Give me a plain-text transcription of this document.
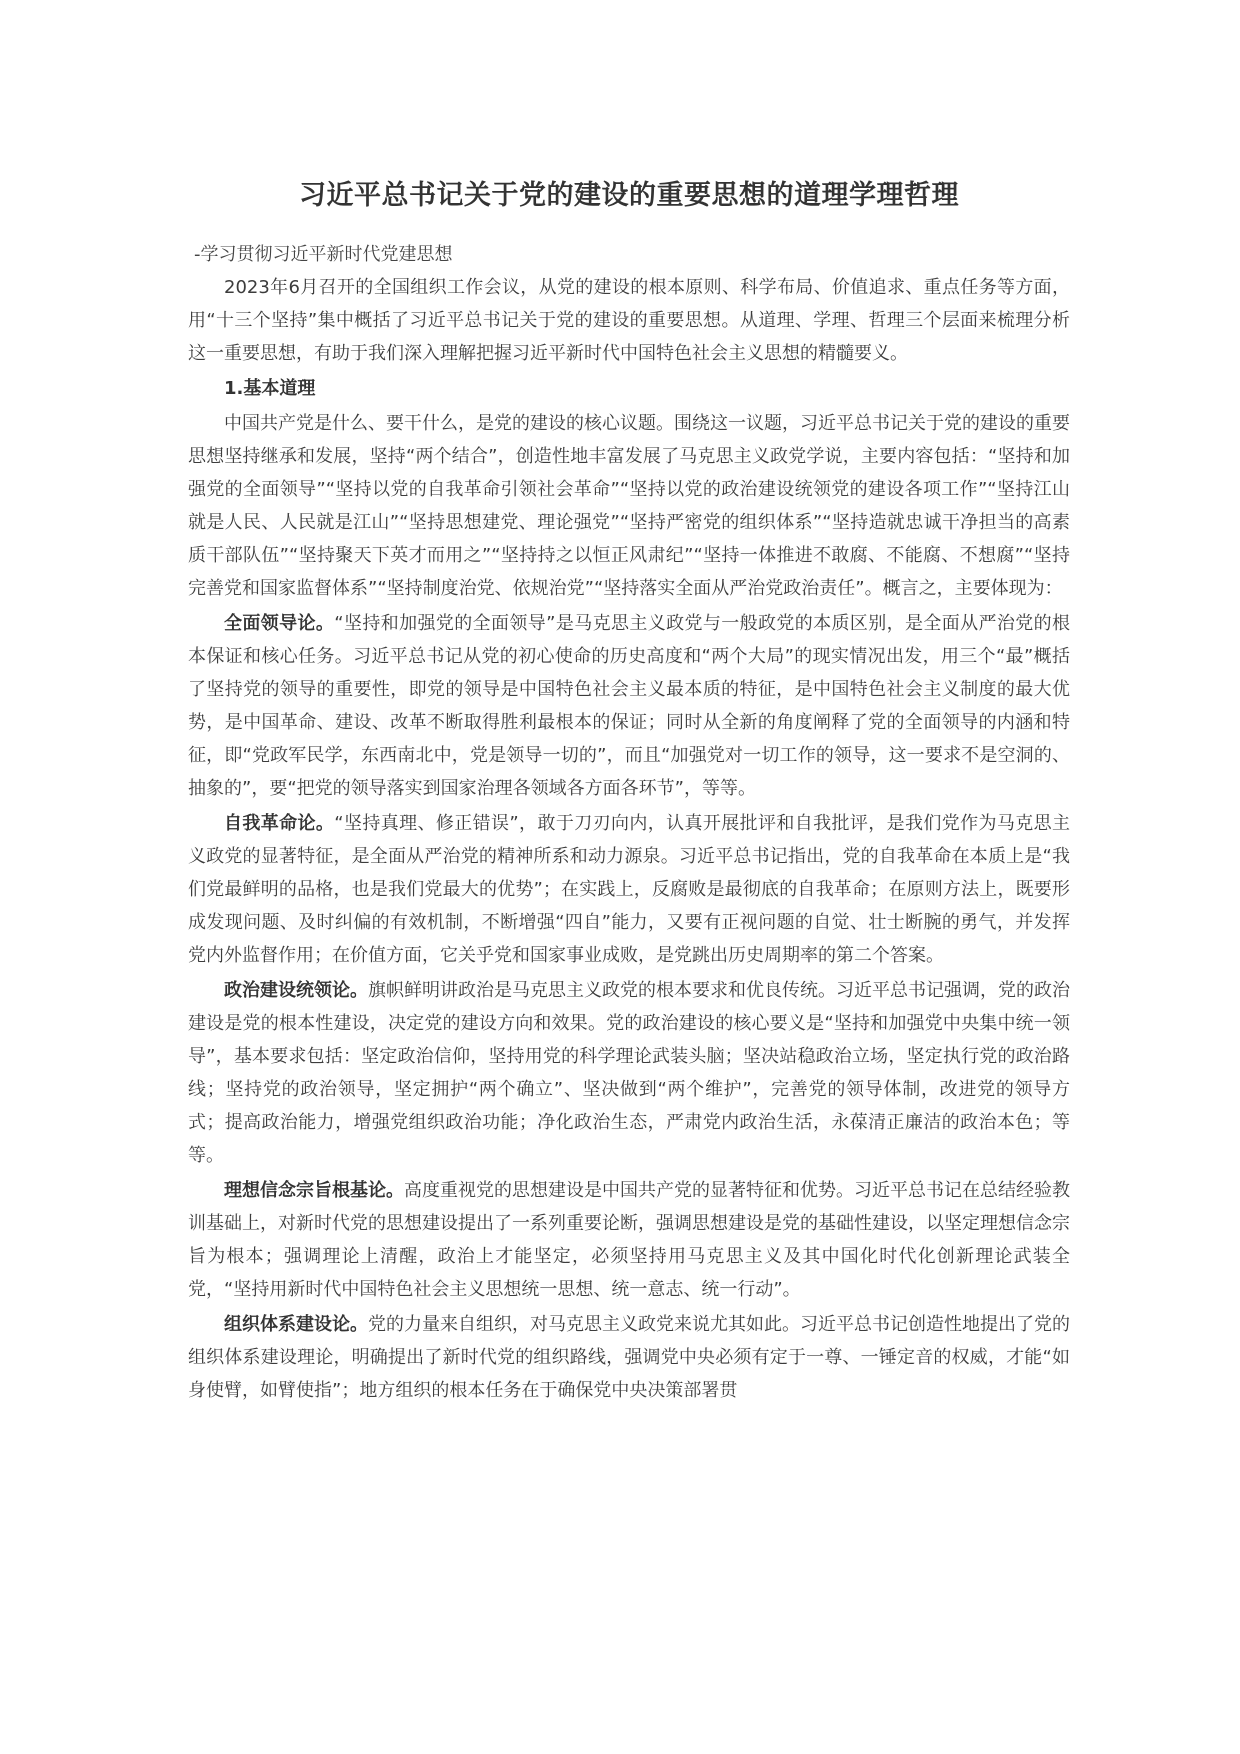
习近平总书记关于党的建设的重要思想的道理学理哲理

-学习贯彻习近平新时代党建思想

2023年6月召开的全国组织工作会议，从党的建设的根本原则、科学布局、价值追求、重点任务等方面，用“十三个坚持”集中概括了习近平总书记关于党的建设的重要思想。从道理、学理、哲理三个层面来梳理分析这一重要思想，有助于我们深入理解把握习近平新时代中国特色社会主义思想的精髓要义。

1.基本道理

中国共产党是什么、要干什么，是党的建设的核心议题。围绕这一议题，习近平总书记关于党的建设的重要思想坚持继承和发展，坚持“两个结合”，创造性地丰富发展了马克思主义政党学说，主要内容包括：“坚持和加强党的全面领导”“坚持以党的自我革命引领社会革命”“坚持以党的政治建设统领党的建设各项工作”“坚持江山就是人民、人民就是江山”“坚持思想建党、理论强党”“坚持严密党的组织体系”“坚持造就忠诚干净担当的高素质干部队伍”“坚持聚天下英才而用之”“坚持持之以恒正风肃纪”“坚持一体推进不敢腐、不能腐、不想腐”“坚持完善党和国家监督体系”“坚持制度治党、依规治党”“坚持落实全面从严治党政治责任”。概言之，主要体现为：

全面领导论。“坚持和加强党的全面领导”是马克思主义政党与一般政党的本质区别，是全面从严治党的根本保证和核心任务。习近平总书记从党的初心使命的历史高度和“两个大局”的现实情况出发，用三个“最”概括了坚持党的领导的重要性，即党的领导是中国特色社会主义最本质的特征，是中国特色社会主义制度的最大优势，是中国革命、建设、改革不断取得胜利最根本的保证；同时从全新的角度阐释了党的全面领导的内涵和特征，即“党政军民学，东西南北中，党是领导一切的”，而且“加强党对一切工作的领导，这一要求不是空洞的、抽象的”，要“把党的领导落实到国家治理各领域各方面各环节”，等等。

自我革命论。“坚持真理、修正错误”，敢于刀刃向内，认真开展批评和自我批评，是我们党作为马克思主义政党的显著特征，是全面从严治党的精神所系和动力源泉。习近平总书记指出，党的自我革命在本质上是“我们党最鲜明的品格，也是我们党最大的优势”；在实践上，反腐败是最彻底的自我革命；在原则方法上，既要形成发现问题、及时纠偏的有效机制，不断增强“四自”能力，又要有正视问题的自觉、壮士断腕的勇气，并发挥党内外监督作用；在价值方面，它关乎党和国家事业成败，是党跳出历史周期率的第二个答案。

政治建设统领论。旗帜鲜明讲政治是马克思主义政党的根本要求和优良传统。习近平总书记强调，党的政治建设是党的根本性建设，决定党的建设方向和效果。党的政治建设的核心要义是“坚持和加强党中央集中统一领导”，基本要求包括：坚定政治信仰，坚持用党的科学理论武装头脑；坚决站稳政治立场，坚定执行党的政治路线；坚持党的政治领导，坚定拥护“两个确立”、坚决做到“两个维护”，完善党的领导体制，改进党的领导方式；提高政治能力，增强党组织政治功能；净化政治生态，严肃党内政治生活，永葆清正廉洁的政治本色；等等。

理想信念宗旨根基论。高度重视党的思想建设是中国共产党的显著特征和优势。习近平总书记在总结经验教训基础上，对新时代党的思想建设提出了一系列重要论断，强调思想建设是党的基础性建设，以坚定理想信念宗旨为根本；强调理论上清醒，政治上才能坚定，必须坚持用马克思主义及其中国化时代化创新理论武装全党，“坚持用新时代中国特色社会主义思想统一思想、统一意志、统一行动”。

组织体系建设论。党的力量来自组织，对马克思主义政党来说尤其如此。习近平总书记创造性地提出了党的组织体系建设理论，明确提出了新时代党的组织路线，强调党中央必须有定于一尊、一锤定音的权威，才能“如身使臂，如臂使指”；地方组织的根本任务在于确保党中央决策部署贯
